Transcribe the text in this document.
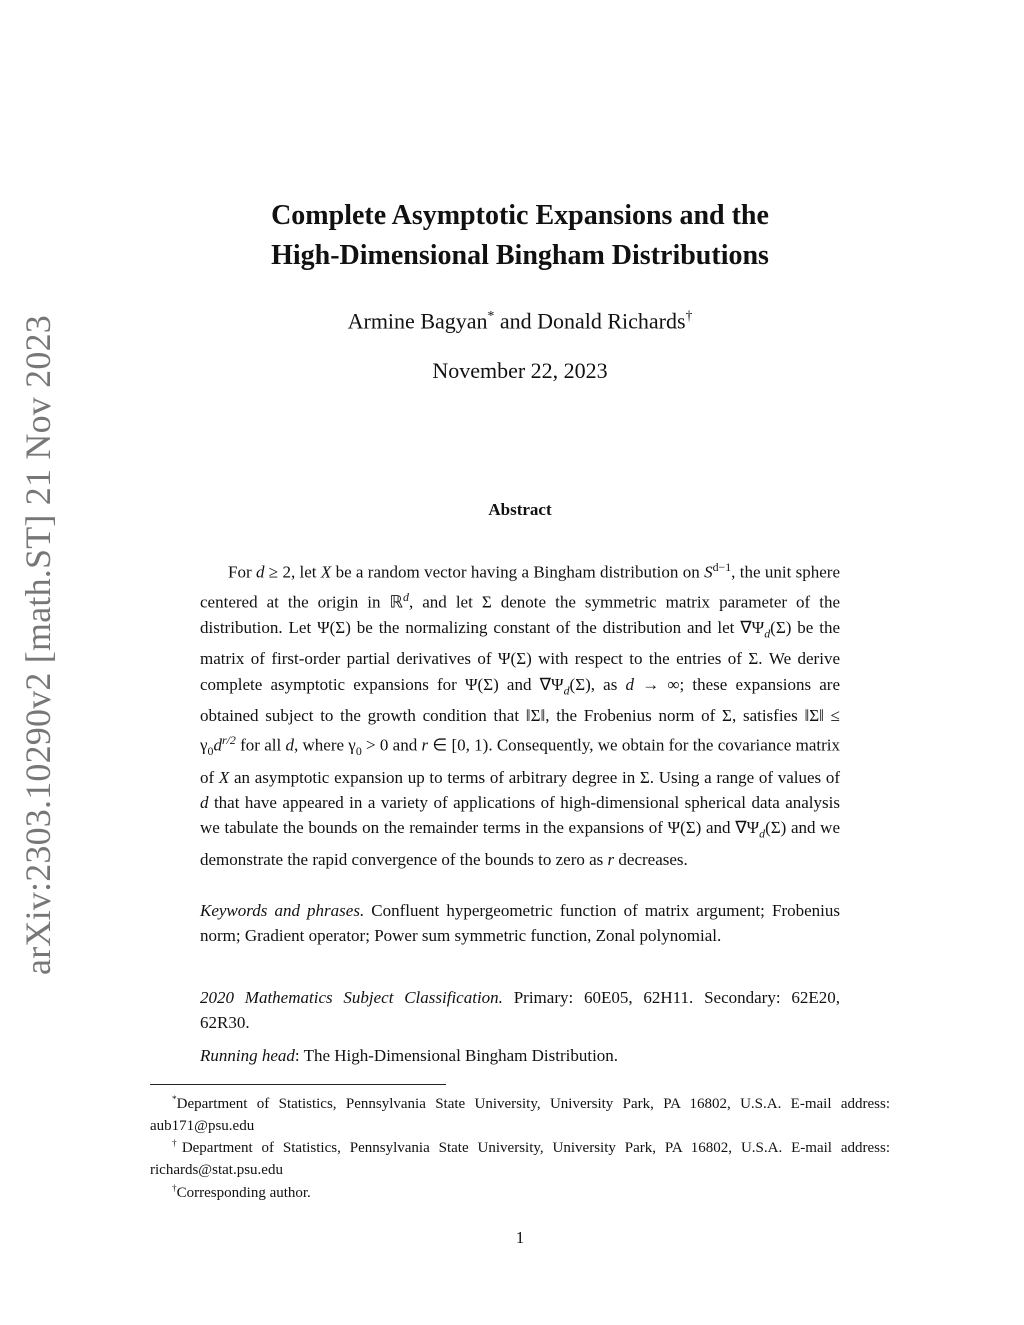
arXiv:2303.10290v2 [math.ST] 21 Nov 2023
Complete Asymptotic Expansions and the
High-Dimensional Bingham Distributions
Armine Bagyan* and Donald Richards†
November 22, 2023
Abstract

For d ≥ 2, let X be a random vector having a Bingham distribution on $S^{d-1}$, the unit sphere centered at the origin in ℝ$^d$, and let Σ denote the symmetric matrix parameter of the distribution. Let Ψ(Σ) be the normalizing constant of the distribution and let $\nabla\Psi_d(\Sigma)$ be the matrix of first-order partial derivatives of Ψ(Σ) with respect to the entries of Σ. We derive complete asymptotic expansions for Ψ(Σ) and $\nabla\Psi_d(\Sigma)$, as d → ∞; these expansions are obtained subject to the growth condition that ‖Σ‖, the Frobenius norm of Σ, satisfies ‖Σ‖ ≤ $\gamma_0d^{r/2}$ for all d, where $\gamma_0 > 0$ and r ∈ [0, 1). Consequently, we obtain for the covariance matrix of X an asymptotic expansion up to terms of arbitrary degree in Σ. Using a range of values of d that have appeared in a variety of applications of high-dimensional spherical data analysis we tabulate the bounds on the remainder terms in the expansions of Ψ(Σ) and $\nabla\Psi_d(\Sigma)$ and we demonstrate the rapid convergence of the bounds to zero as r decreases.

Keywords and phrases. Confluent hypergeometric function of matrix argument; Frobenius norm; Gradient operator; Power sum symmetric function, Zonal polynomial.
2020 Mathematics Subject Classification. Primary: 60E05, 62H11. Secondary: 62E20, 62R30.
Running head: The High-Dimensional Bingham Distribution.

*Department of Statistics, Pennsylvania State University, University Park, PA 16802, U.S.A. E-mail address: aub171@psu.edu

†Department of Statistics, Pennsylvania State University, University Park, PA 16802, U.S.A. E-mail address: richards@stat.psu.edu

†Corresponding author.

1
